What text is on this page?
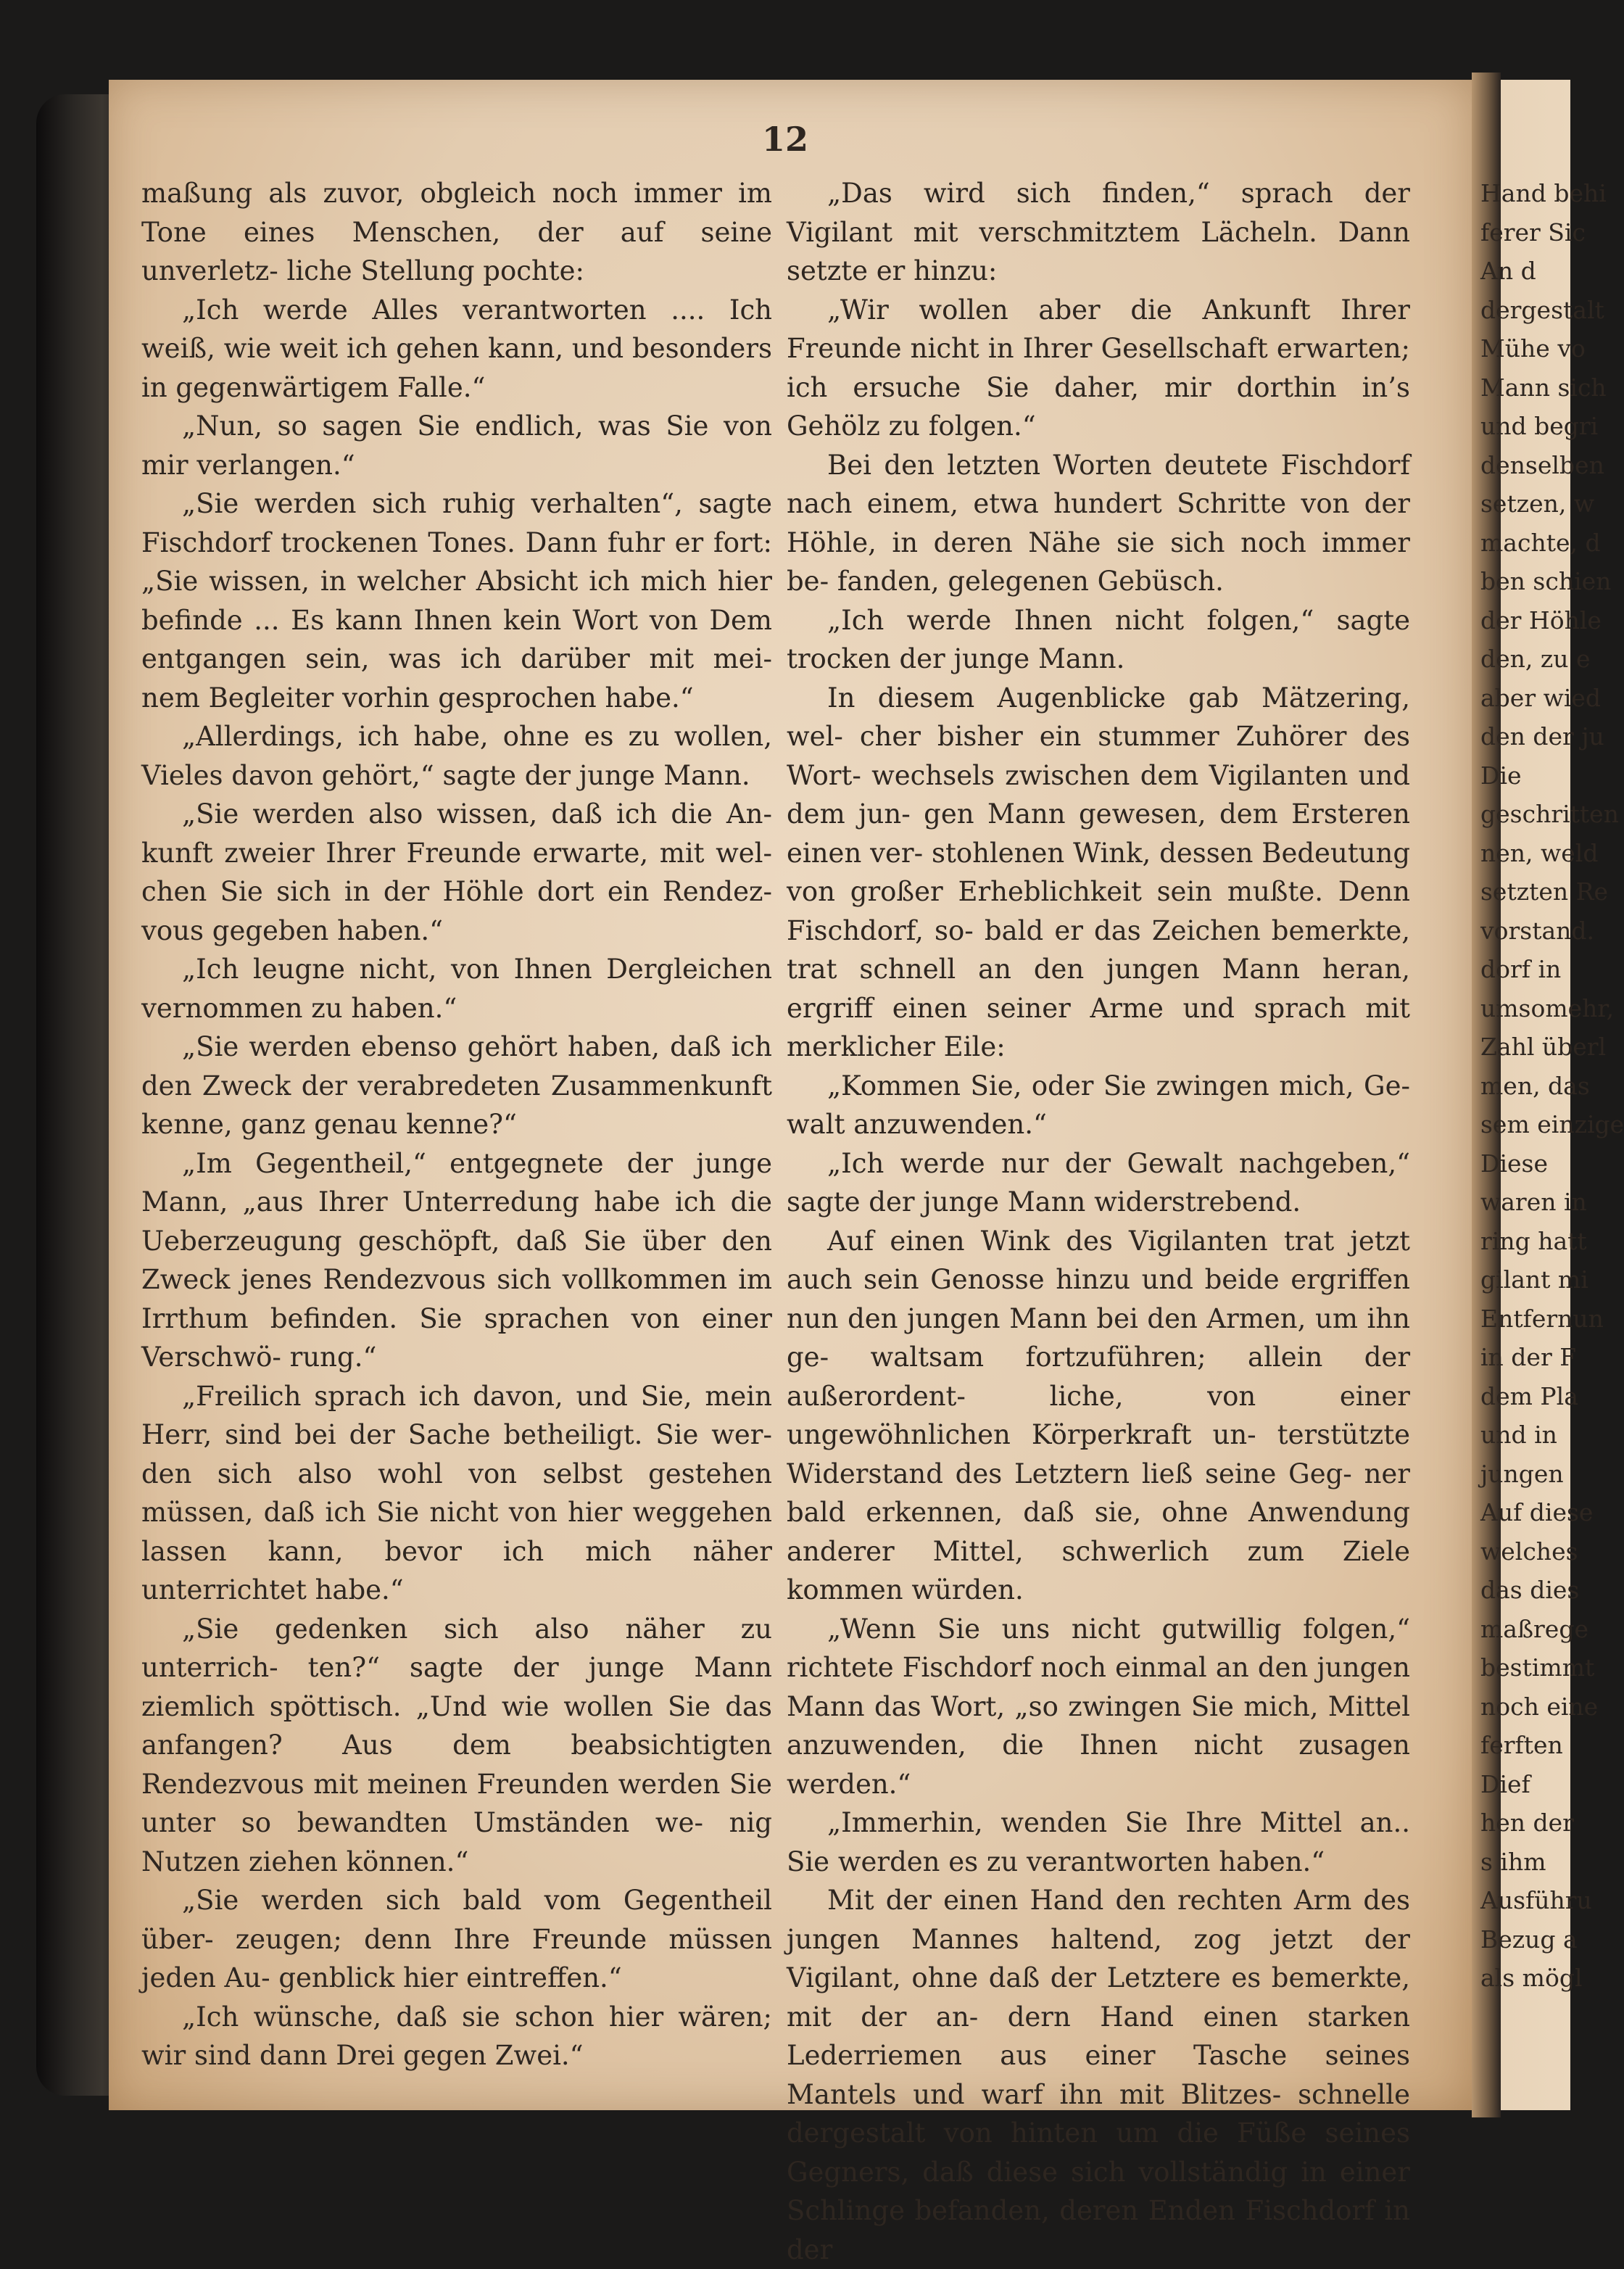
12

maßung als zuvor, obgleich noch immer im Tone eines Menschen, der auf seine unverletz- liche Stellung pochte:

„Ich werde Alles verantworten .... Ich weiß, wie weit ich gehen kann, und besonders in gegenwärtigem Falle.“

„Nun, so sagen Sie endlich, was Sie von mir verlangen.“

„Sie werden sich ruhig verhalten“, sagte Fischdorf trockenen Tones. Dann fuhr er fort: „Sie wissen, in welcher Absicht ich mich hier befinde ... Es kann Ihnen kein Wort von Dem entgangen sein, was ich darüber mit mei- nem Begleiter vorhin gesprochen habe.“

„Allerdings, ich habe, ohne es zu wollen, Vieles davon gehört,“ sagte der junge Mann.

„Sie werden also wissen, daß ich die An- kunft zweier Ihrer Freunde erwarte, mit wel- chen Sie sich in der Höhle dort ein Rendez- vous gegeben haben.“

„Ich leugne nicht, von Ihnen Dergleichen vernommen zu haben.“

„Sie werden ebenso gehört haben, daß ich den Zweck der verabredeten Zusammenkunft kenne, ganz genau kenne?“

„Im Gegentheil,“ entgegnete der junge Mann, „aus Ihrer Unterredung habe ich die Ueberzeugung geschöpft, daß Sie über den Zweck jenes Rendezvous sich vollkommen im Irrthum befinden. Sie sprachen von einer Verschwö- rung.“

„Freilich sprach ich davon, und Sie, mein Herr, sind bei der Sache betheiligt. Sie wer- den sich also wohl von selbst gestehen müssen, daß ich Sie nicht von hier weggehen lassen kann, bevor ich mich näher unterrichtet habe.“

„Sie gedenken sich also näher zu unterrich- ten?“ sagte der junge Mann ziemlich spöttisch. „Und wie wollen Sie das anfangen? Aus dem beabsichtigten Rendezvous mit meinen Freunden werden Sie unter so bewandten Umständen we- nig Nutzen ziehen können.“

„Sie werden sich bald vom Gegentheil über- zeugen; denn Ihre Freunde müssen jeden Au- genblick hier eintreffen.“

„Ich wünsche, daß sie schon hier wären; wir sind dann Drei gegen Zwei.“

„Das wird sich finden,“ sprach der Vigilant mit verschmitztem Lächeln. Dann setzte er hinzu:

„Wir wollen aber die Ankunft Ihrer Freunde nicht in Ihrer Gesellschaft erwarten; ich ersuche Sie daher, mir dorthin in’s Gehölz zu folgen.“

Bei den letzten Worten deutete Fischdorf nach einem, etwa hundert Schritte von der Höhle, in deren Nähe sie sich noch immer be- fanden, gelegenen Gebüsch.

„Ich werde Ihnen nicht folgen,“ sagte trocken der junge Mann.

In diesem Augenblicke gab Mätzering, wel- cher bisher ein stummer Zuhörer des Wort- wechsels zwischen dem Vigilanten und dem jun- gen Mann gewesen, dem Ersteren einen ver- stohlenen Wink, dessen Bedeutung von großer Erheblichkeit sein mußte. Denn Fischdorf, so- bald er das Zeichen bemerkte, trat schnell an den jungen Mann heran, ergriff einen seiner Arme und sprach mit merklicher Eile:

„Kommen Sie, oder Sie zwingen mich, Ge- walt anzuwenden.“

„Ich werde nur der Gewalt nachgeben,“ sagte der junge Mann widerstrebend.

Auf einen Wink des Vigilanten trat jetzt auch sein Genosse hinzu und beide ergriffen nun den jungen Mann bei den Armen, um ihn ge- waltsam fortzuführen; allein der außerordent- liche, von einer ungewöhnlichen Körperkraft un- terstützte Widerstand des Letztern ließ seine Geg- ner bald erkennen, daß sie, ohne Anwendung anderer Mittel, schwerlich zum Ziele kommen würden.

„Wenn Sie uns nicht gutwillig folgen,“ richtete Fischdorf noch einmal an den jungen Mann das Wort, „so zwingen Sie mich, Mittel anzuwenden, die Ihnen nicht zusagen werden.“

„Immerhin, wenden Sie Ihre Mittel an.. Sie werden es zu verantworten haben.“

Mit der einen Hand den rechten Arm des jungen Mannes haltend, zog jetzt der Vigilant, ohne daß der Letztere es bemerkte, mit der an- dern Hand einen starken Lederriemen aus einer Tasche seines Mantels und warf ihn mit Blitzes- schnelle dergestalt von hinten um die Füße seines Gegners, daß diese sich vollständig in einer Schlinge befanden, deren Enden Fischdorf in der

Hand behi
ferer Sic
An d
dergestalt
Mühe vo
Mann sich
und begri
denselben
setzen, w
machte, d
ben schien
der Höhle
den, zu e
aber wied
den der ju
Die
geschritten
nen, weld
setzten Re
vorstand.
dorf in
umsomehr,
Zahl überl
men, das
sem einzige
Diese
waren in
ring hatt
gilant mi
Entfernun
in der F
dem Pla
und in
jungen
Auf diese
welches
das dies
maßrege
bestimmt
noch eine
ferften
Dief
hen der
s ihm
Ausführu
Bezug a
als mögl
